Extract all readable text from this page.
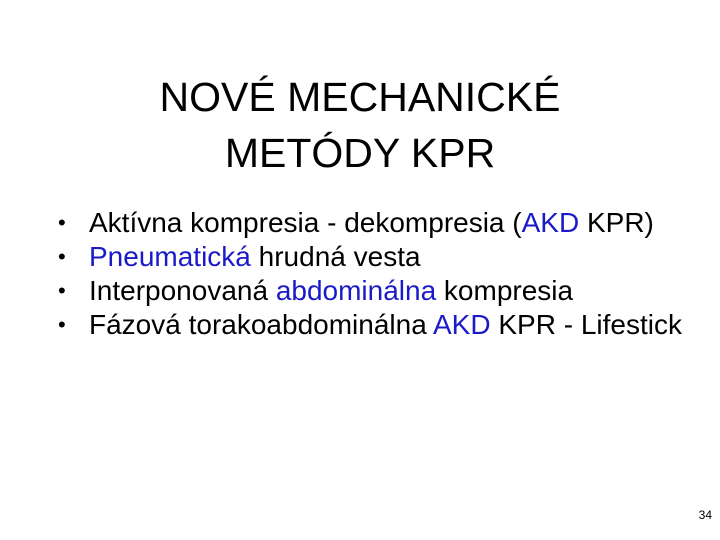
NOVÉ MECHANICKÉ
METÓDY KPR
• Aktívna kompresia - dekompresia (AKD KPR)
• Pneumatická hrudná vesta
• Interponovaná abdominálna kompresia
• Fázová torakoabdominálna AKD KPR - Lifestick
34
